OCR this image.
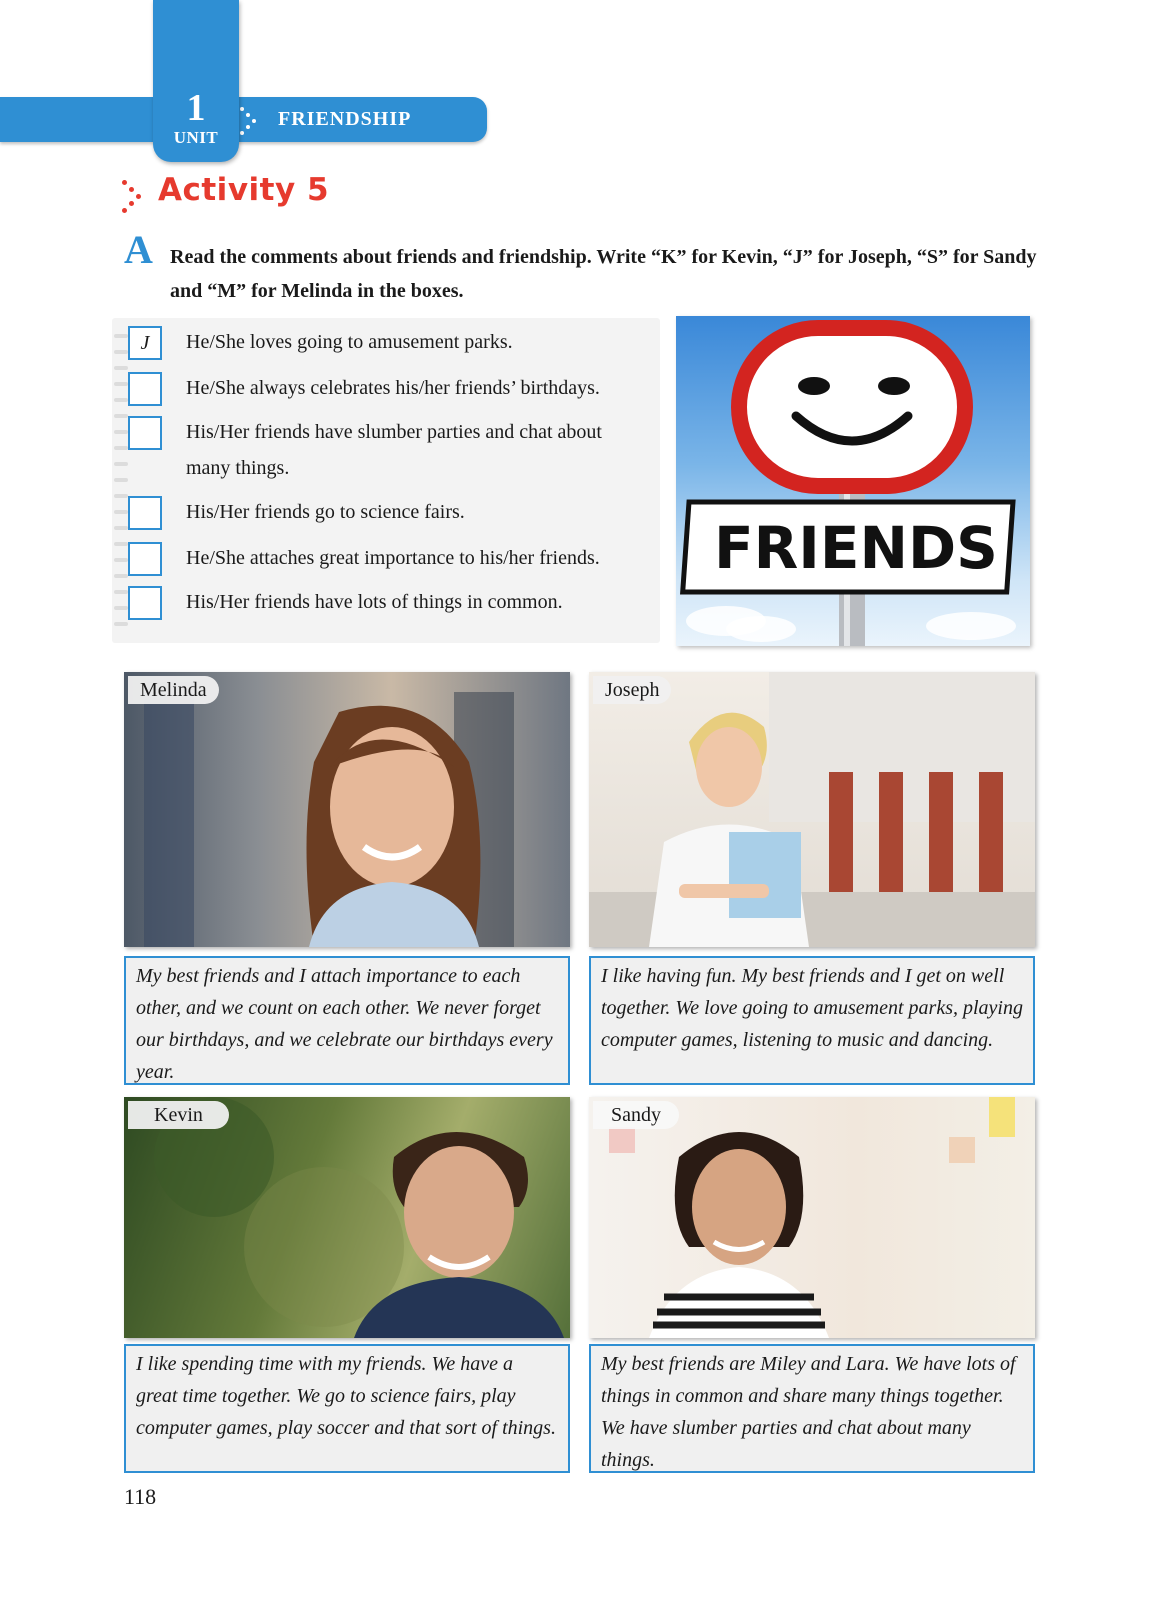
FRIENDSHIP
1
UNIT
Activity 5
A Read the comments about friends and friendship. Write “K” for Kevin, “J” for Joseph, “S” for Sandy and “M” for Melinda in the boxes.
J	He/She loves going to amusement parks.
He/She always celebrates his/her friends’ birthdays.
His/Her friends have slumber parties and chat about many things.
His/Her friends go to science fairs.
He/She attaches great importance to his/her friends.
His/Her friends have lots of things in common.
FRIENDS
Melinda
My best friends and I attach importance to each other, and we count on each other. We never forget our birthdays, and we celebrate our birthdays every year.
Joseph
I like having fun. My best friends and I get on well together. We love going to amusement parks, playing computer games, listening to music and dancing.
Kevin
I like spending time with my friends. We have a great time together. We go to science fairs, play computer games, play soccer and that sort of things.
Sandy
My best friends are Miley and Lara. We have lots of things in common and share many things together. We have slumber parties and chat about many things.
118
